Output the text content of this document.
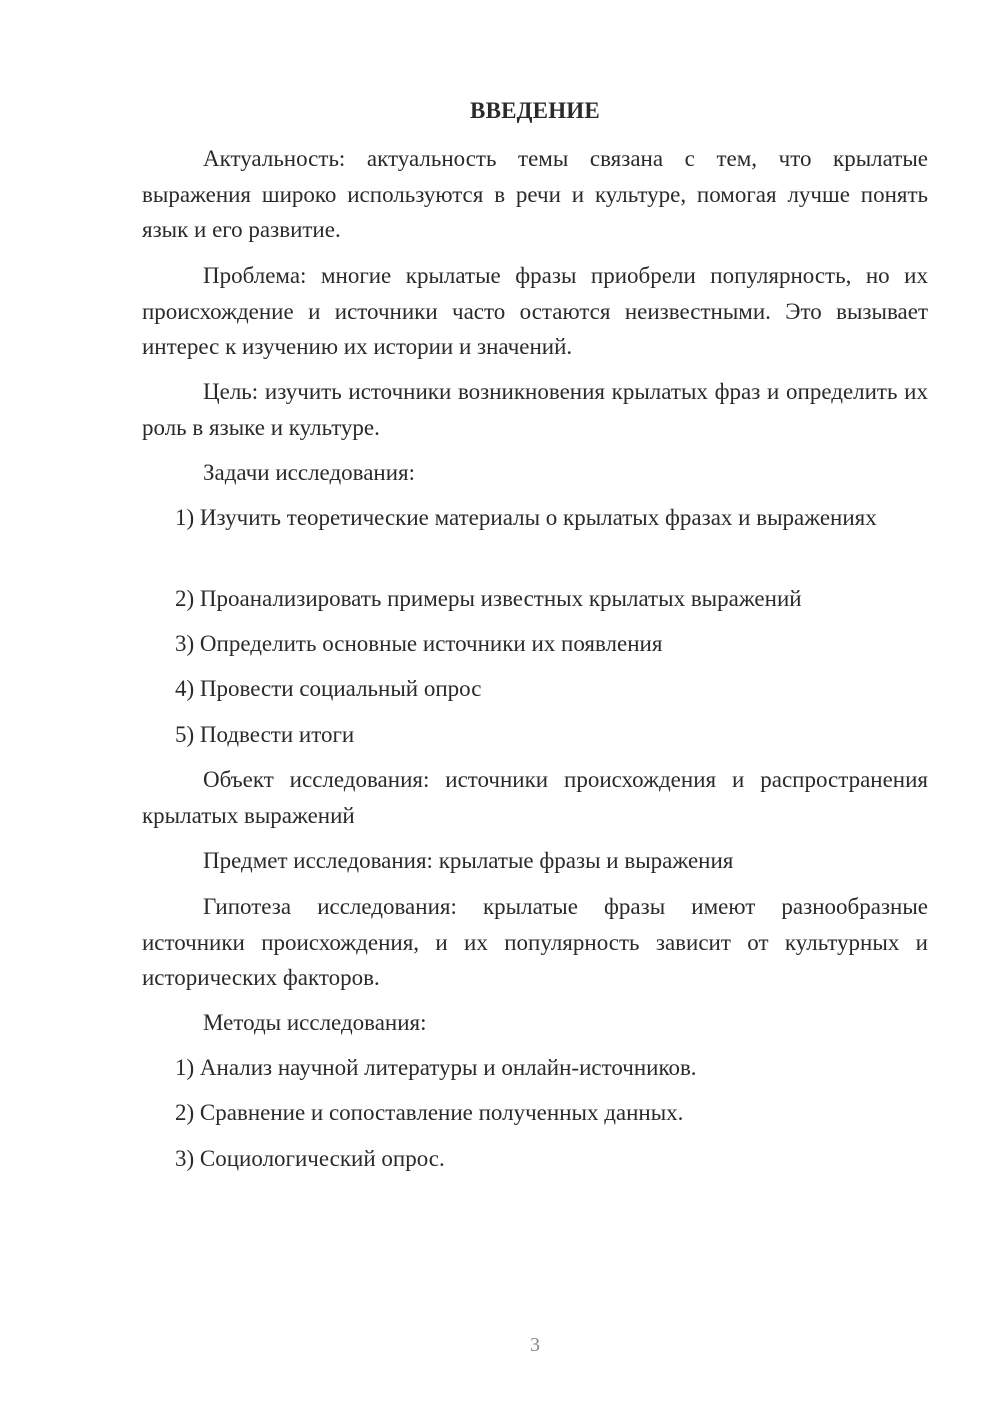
ВВЕДЕНИЕ

Актуальность: актуальность темы связана с тем, что крылатые выражения широко используются в речи и культуре, помогая лучше понять язык и его развитие.

Проблема: многие крылатые фразы приобрели популярность, но их происхождение и источники часто остаются неизвестными. Это вызывает интерес к изучению их истории и значений.

Цель: изучить источники возникновения крылатых фраз и определить их роль в языке и культуре.

Задачи исследования:

1) Изучить теоретические материалы о крылатых фразах и выражениях

2) Проанализировать примеры известных крылатых выражений

3) Определить основные источники их появления

4) Провести социальный опрос

5) Подвести итоги

Объект исследования: источники происхождения и распространения крылатых выражений

Предмет исследования: крылатые фразы и выражения

Гипотеза исследования: крылатые фразы имеют разнообразные источники происхождения, и их популярность зависит от культурных и исторических факторов.

Методы исследования:

1) Анализ научной литературы и онлайн-источников.

2) Сравнение и сопоставление полученных данных.

3) Социологический опрос.

3
